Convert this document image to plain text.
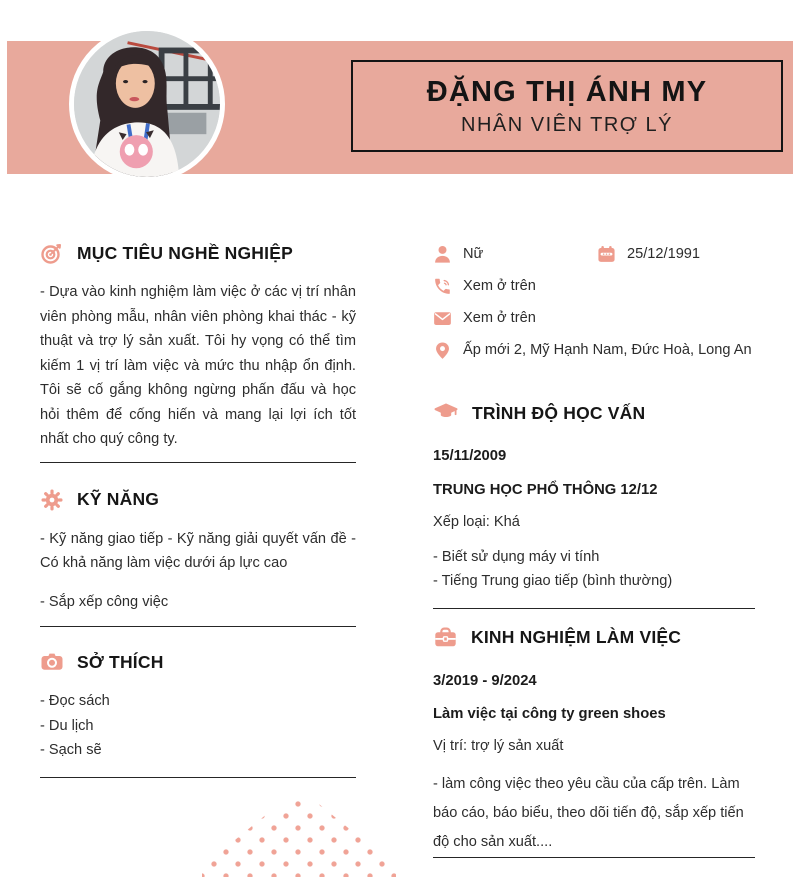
ĐẶNG THỊ ÁNH MY
NHÂN VIÊN TRỢ LÝ
MỤC TIÊU NGHỀ NGHIỆP

- Dựa vào kinh nghiệm làm việc ở các vị trí nhân viên phòng mẫu, nhân viên phòng khai thác - kỹ thuật và trợ lý sản xuất. Tôi hy vọng có thể tìm kiếm 1 vị trí làm việc và mức thu nhập ổn định. Tôi sẽ cố gắng không ngừng phấn đấu và học hỏi thêm để cống hiến và mang lại lợi ích tốt nhất cho quý công ty.

KỸ NĂNG

- Kỹ năng giao tiếp - Kỹ năng giải quyết vấn đề - Có khả năng làm việc dưới áp lực cao

- Sắp xếp công việc

SỞ THÍCH

- Đọc sách

- Du lịch

- Sạch sẽ

Nữ	25/12/1991
Xem ở trên
Xem ở trên
Ấp mới 2, Mỹ Hạnh Nam, Đức Hoà, Long An
TRÌNH ĐỘ HỌC VẤN

15/11/2009

TRUNG HỌC PHỔ THÔNG 12/12

Xếp loại: Khá

- Biết sử dụng máy vi tính

- Tiếng Trung giao tiếp (bình thường)

KINH NGHIỆM LÀM VIỆC

3/2019 - 9/2024

Làm việc tại công ty green shoes

Vị trí: trợ lý sản xuất

- làm công việc theo yêu cầu của cấp trên. Làm báo cáo, báo biểu, theo dõi tiến độ, sắp xếp tiến độ cho sản xuất....
